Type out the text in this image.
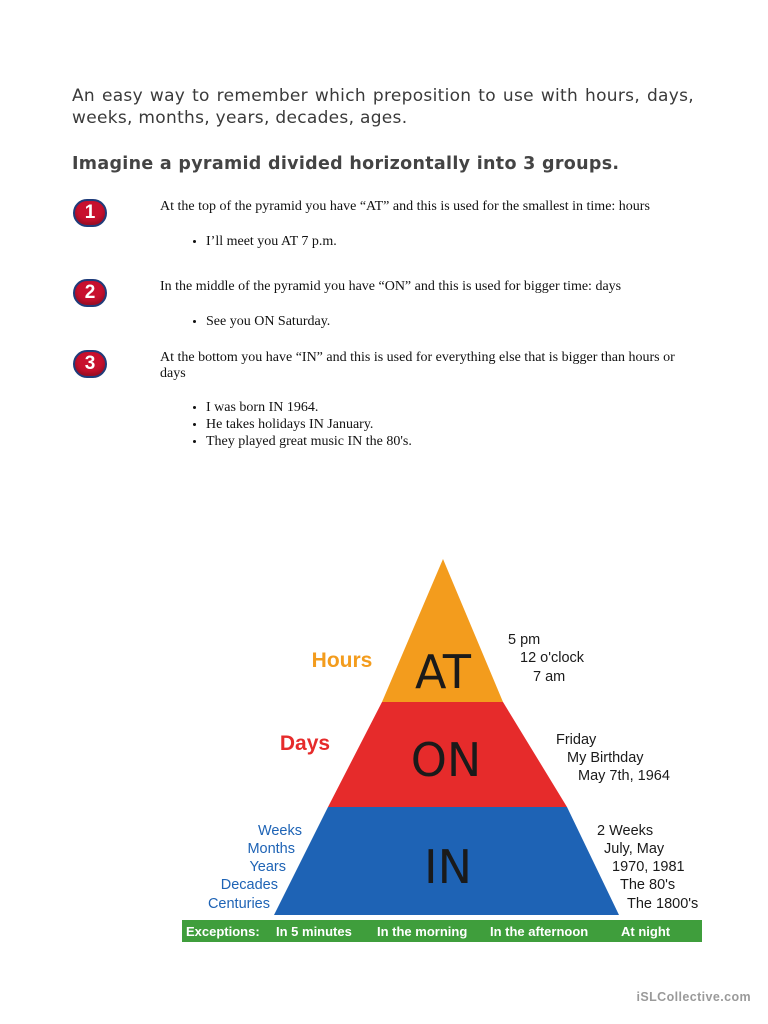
An easy way to remember which preposition to use with hours, days, weeks, months, years, decades, ages.
Imagine a pyramid divided horizontally into 3 groups.
1	At the top of the pyramid you have “AT” and this is used for the smallest in time: hours

• I’ll meet you AT 7 p.m.
2	In the middle of the pyramid you have “ON” and this is used for bigger time: days

• See you ON Saturday.
3	At the bottom you have “IN” and this is used for everything else that is bigger than hours or days

• I was born IN 1964.
• He takes holidays IN January.
• They played great music IN the 80's.
AT
ON
IN
Hours
Days
5 pm
12 o'clock
7 am
Friday
My Birthday
May 7th, 1964
2 Weeks
July, May
1970, 1981
The 80's
The 1800's
Weeks
Months
Years
Decades
Centuries
Exceptions: In 5 minutes In the morning In the afternoon	At night
iSLCollective.com
